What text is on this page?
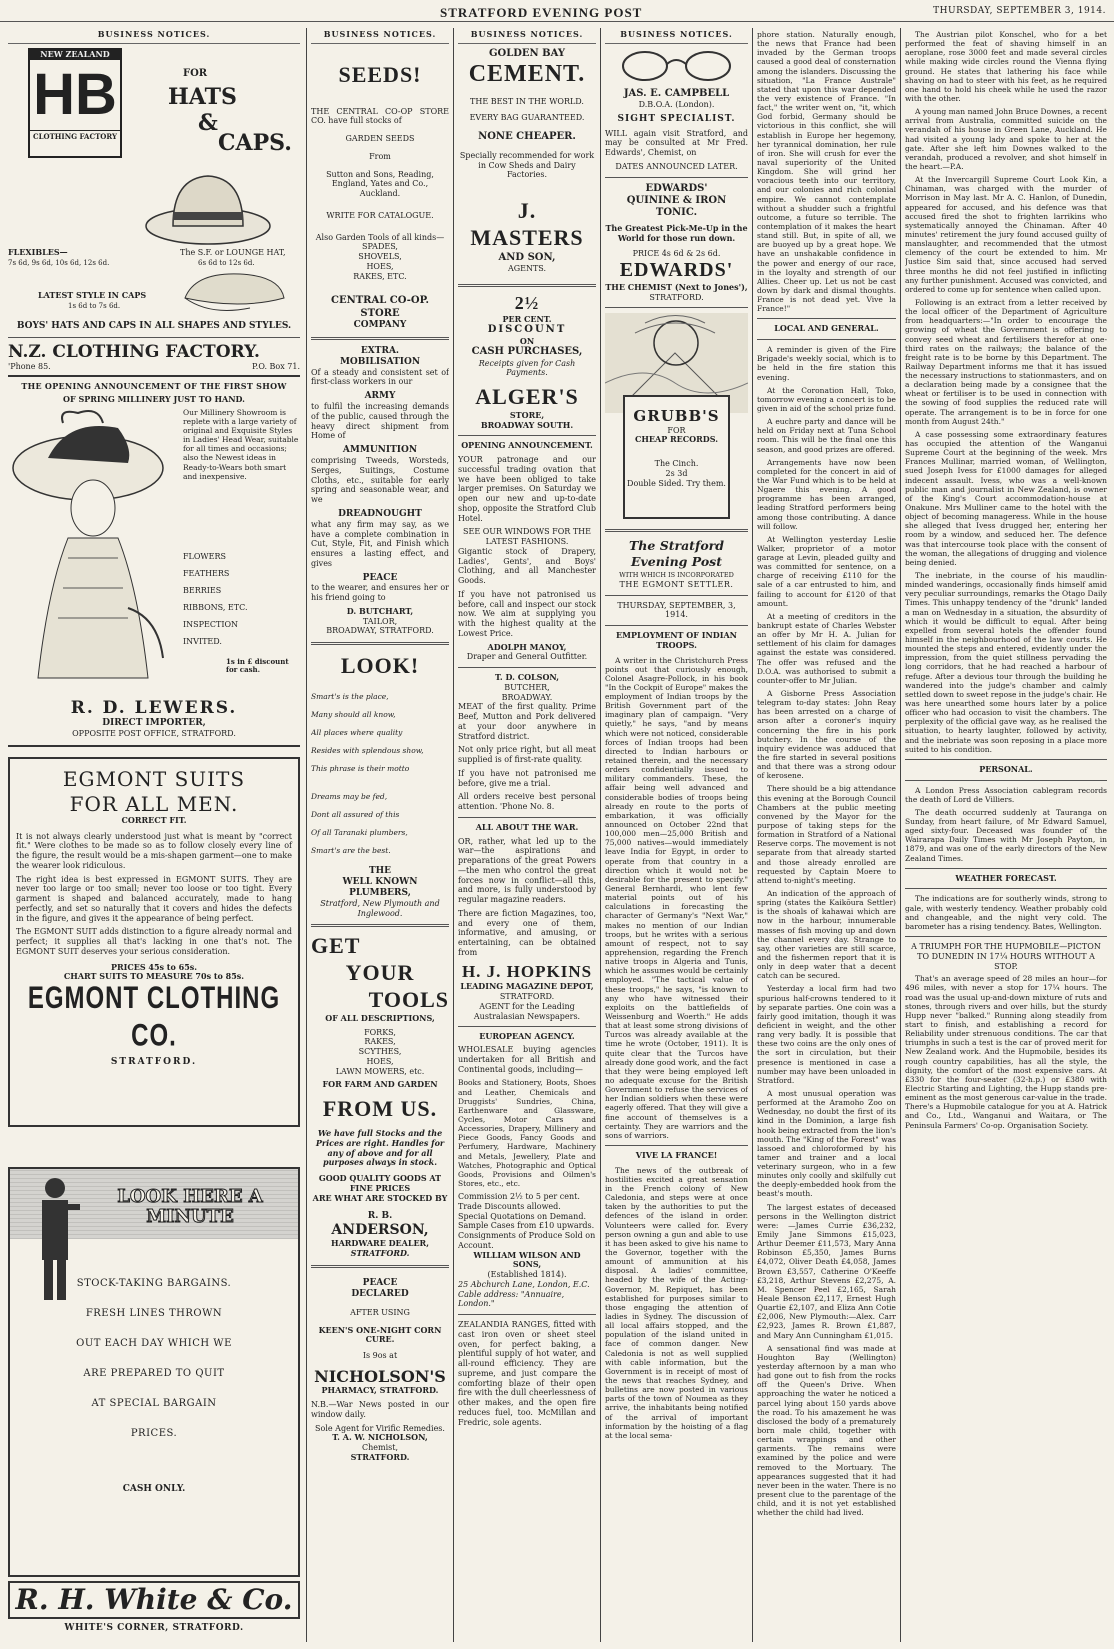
STRATFORD EVENING POST	THURSDAY, SEPTEMBER 3, 1914.
BUSINESS NOTICES.
NEW ZEALAND
HB
CLOTHING FACTORY
FOR
HATS
&
CAPS.
FLEXIBLES—
7s 6d, 9s 6d, 10s 6d, 12s 6d.
The S.F. or LOUNGE HAT,
6s 6d to 12s 6d.
LATEST STYLE IN CAPS
1s 6d to 7s 6d.
BOYS' HATS AND CAPS IN ALL SHAPES AND STYLES.
N.Z. CLOTHING FACTORY.
'Phone 85.	P.O. Box 71.
THE OPENING ANNOUNCEMENT OF THE FIRST SHOW
OF SPRING MILLINERY JUST TO HAND.
Our Millinery Showroom is replete with a large variety of original and Exquisite Styles in Ladies' Head Wear, suitable for all times and occasions; also the Newest ideas in Ready-to-Wears both smart and inexpensive.
FLOWERS
FEATHERS
BERRIES
RIBBONS, ETC.
INSPECTION
INVITED.
1s in £ discount for cash.
R. D. LEWERS.
DIRECT IMPORTER,
OPPOSITE POST OFFICE, STRATFORD.
EGMONT SUITS
FOR ALL MEN.
CORRECT FIT.

It is not always clearly understood just what is meant by "correct fit." Were clothes to be made so as to follow closely every line of the figure, the result would be a mis-shapen garment—one to make the wearer look ridiculous.

The right idea is best expressed in EGMONT SUITS. They are never too large or too small; never too loose or too tight. Every garment is shaped and balanced accurately, made to hang perfectly, and set so naturally that it covers and hides the defects in the figure, and gives it the appearance of being perfect.

The EGMONT SUIT adds distinction to a figure already normal and perfect; it supplies all that's lacking in one that's not. The EGMONT SUIT deserves your serious consideration.

PRICES 45s to 65s.
CHART SUITS TO MEASURE 70s to 85s.
EGMONT CLOTHING CO.
STRATFORD.
LOOK HERE A MINUTE
STOCK-TAKING BARGAINS.
FRESH LINES THROWN
OUT EACH DAY WHICH WE
ARE PREPARED TO QUIT
AT SPECIAL BARGAIN
PRICES.
CASH ONLY.
R. H. White & Co.
WHITE'S CORNER, STRATFORD.
BUSINESS NOTICES.
SEEDS!

THE CENTRAL CO-OP STORE CO. have full stocks of

GARDEN SEEDS
From
Sutton and Sons, Reading, England, Yates and Co., Auckland.
WRITE FOR CATALOGUE.
Also Garden Tools of all kinds—
SPADES,
SHOVELS,
HOES,
RAKES, ETC.
CENTRAL CO-OP. STORE
COMPANY
EXTRA.
MOBILISATION

Of a steady and consistent set of first-class workers in our

ARMY

to fulfil the increasing demands of the public, caused through the heavy direct shipment from Home of

AMMUNITION

comprising Tweeds, Worsteds, Serges, Suitings, Costume Cloths, etc., suitable for early spring and seasonable wear, and we

DREADNOUGHT

what any firm may say, as we have a complete combination in Cut, Style, Fit, and Finish which ensures a lasting effect, and gives

PEACE

to the wearer, and ensures her or his friend going to

D. BUTCHART,
TAILOR,
BROADWAY, STRATFORD.
LOOK!
Smart's is the place,
Many should all know,
All places where quality
Resides with splendous show,
This phrase is their motto
Dreams may be fed,
Dont all assured of this
Of all Taranaki plumbers,
Smart's are the best.
THE
WELL KNOWN PLUMBERS,
Stratford, New Plymouth and Inglewood.
GET
YOUR
TOOLS
OF ALL DESCRIPTIONS,
FORKS,
RAKES,
SCYTHES,
HOES,
LAWN MOWERS, etc.
FOR FARM AND GARDEN
FROM US.
We have full Stocks and the Prices are right. Handles for any of above and for all purposes always in stock.
GOOD QUALITY GOODS AT FINE PRICES
ARE WHAT ARE STOCKED BY
R. B.
ANDERSON,
HARDWARE DEALER,
STRATFORD.
PEACE
DECLARED
AFTER USING
KEEN'S ONE-NIGHT CORN CURE.
Is 9os at
NICHOLSON'S
PHARMACY, STRATFORD.

N.B.—War News posted in our window daily.

Sole Agent for Virific Remedies.
T. A. W. NICHOLSON,
Chemist,
STRATFORD.
BUSINESS NOTICES.
GOLDEN BAY
CEMENT.
THE BEST IN THE WORLD.
EVERY BAG GUARANTEED.
NONE CHEAPER.
Specially recommended for work in Cow Sheds and Dairy Factories.
J. MASTERS
AND SON,
AGENTS.
2½
PER CENT.
DISCOUNT
ON
CASH PURCHASES,
Receipts given for Cash Payments.
ALGER'S
STORE,
BROADWAY SOUTH.
OPENING ANNOUNCEMENT.

YOUR patronage and our successful trading ovation that we have been obliged to take larger premises. On Saturday we open our new and up-to-date shop, opposite the Stratford Club Hotel.

SEE OUR WINDOWS FOR THE LATEST FASHIONS.

Gigantic stock of Drapery, Ladies', Gents', and Boys' Clothing, and all Manchester Goods.

If you have not patronised us before, call and inspect our stock now. We aim at supplying you with the highest quality at the Lowest Price.

ADOLPH MANOY,
Draper and General Outfitter.
T. D. COLSON,
BUTCHER,
BROADWAY.

MEAT of the first quality. Prime Beef, Mutton and Pork delivered at your door anywhere in Stratford district.

Not only price right, but all meat supplied is of first-rate quality.

If you have not patronised me before, give me a trial.

All orders receive best personal attention. 'Phone No. 8.

ALL ABOUT THE WAR.

OR, rather, what led up to the war—the aspirations and preparations of the great Powers—the men who control the great forces now in conflict—all this, and more, is fully understood by regular magazine readers.

There are fiction Magazines, too, and every one of them, informative, and amusing, or entertaining, can be obtained from

H. J. HOPKINS
LEADING MAGAZINE DEPOT,
STRATFORD.
AGENT for the Leading Australasian Newspapers.
EUROPEAN AGENCY.

WHOLESALE buying agencies undertaken for all British and Continental goods, including—

Books and Stationery, Boots, Shoes and Leather, Chemicals and Druggists' Sundries, China, Earthenware and Glassware, Cycles, Motor Cars and Accessories, Drapery, Millinery and Piece Goods, Fancy Goods and Perfumery, Hardware, Machinery and Metals, Jewellery, Plate and Watches, Photographic and Optical Goods, Provisions and Oilmen's Stores, etc., etc.

Commission 2½ to 5 per cent.
Trade Discounts allowed.
Special Quotations on Demand.
Sample Cases from £10 upwards.
Consignments of Produce Sold on Account.
WILLIAM WILSON AND SONS,
(Established 1814).
25 Abchurch Lane, London, E.C.
Cable address: "Annuaire, London."

ZEALANDIA RANGES, fitted with cast iron oven or sheet steel oven, for perfect baking, a plentiful supply of hot water, and all-round efficiency. They are supreme, and just compare the comforting blaze of their open fire with the dull cheerlessness of other makes, and the open fire reduces fuel, too. McMillan and Fredric, sole agents.

BUSINESS NOTICES.
JAS. E. CAMPBELL
D.B.O.A. (London).
SIGHT SPECIALIST.

WILL again visit Stratford, and may be consulted at Mr Fred. Edwards', Chemist, on

DATES ANNOUNCED LATER.
EDWARDS'
QUININE & IRON
TONIC.
The Greatest Pick-Me-Up in the World for those run down.
PRICE 4s 6d & 2s 6d.
EDWARDS'
THE CHEMIST (Next to Jones'),
STRATFORD.
GRUBB'S
FOR
CHEAP RECORDS.
The Cinch.
2s 3d
Double Sided. Try them.
The Stratford Evening Post
WITH WHICH IS INCORPORATED
THE EGMONT SETTLER.
THURSDAY, SEPTEMBER, 3, 1914.
EMPLOYMENT OF INDIAN TROOPS.

A writer in the Christchurch Press points out that curiously enough, Colonel Asagre-Pollock, in his book "In the Cockpit of Europe" makes the employment of Indian troops by the British Government part of the imaginary plan of campaign. "Very quietly," he says, "and by means which were not noticed, considerable forces of Indian troops had been directed to Indian harbours or retained therein, and the necessary orders confidentially issued to military commanders. These, the affair being well advanced and considerable bodies of troops being already en route to the ports of embarkation, it was officially announced on October 22nd that 100,000 men—25,000 British and 75,000 natives—would immediately leave India for Egypt, in order to operate from that country in a direction which it would not be desirable for the present to specify." General Bernhardi, who lent few material points out of his calculations in forecasting the character of Germany's "Next War," makes no mention of our Indian troops, but he writes with a serious amount of respect, not to say apprehension, regarding the French native troops in Algeria and Tunis, which he assumes would be certainly employed. "The tactical value of these troops," he says, "is known to any who have witnessed their exploits on the battlefields of Weissenburg and Woerth." He adds that at least some strong divisions of Turcos was already available at the time he wrote (October, 1911). It is quite clear that the Turcos have already done good work, and the fact that they were being employed left no adequate excuse for the British Government to refuse the services of her Indian soldiers when these were eagerly offered. That they will give a fine account of themselves is a certainty. They are warriors and the sons of warriors.

VIVE LA FRANCE!

The news of the outbreak of hostilities excited a great sensation in the French colony of New Caledonia, and steps were at once taken by the authorities to put the defences of the island in order. Volunteers were called for. Every person owning a gun and able to use it has been asked to give his name to the Governor, together with the amount of ammunition at his disposal. A ladies' committee, headed by the wife of the Acting-Governor, M. Repiquet, has been established for purposes similar to those engaging the attention of ladies in Sydney. The discussion of all local affairs stopped, and the population of the island united in face of common danger. New Caledonia is not as well supplied with cable information, but the Government is in receipt of most of the news that reaches Sydney, and bulletins are now posted in various parts of the town of Noumea as they arrive, the inhabitants being notified of the arrival of important information by the hoisting of a flag at the local sema-

phore station. Naturally enough, the news that France had been invaded by the German troops caused a good deal of consternation among the islanders. Discussing the situation, "La France Australe" stated that upon this war depended the very existence of France. "In fact," the writer went on, "it, which God forbid, Germany should be victorious in this conflict, she will establish in Europe her hegemony, her tyrannical domination, her rule of iron. She will crush for ever the naval superiority of the United Kingdom. She will grind her voracious teeth into our territory, and our colonies and rich colonial empire. We cannot contemplate without a shudder such a frightful outcome, a future so terrible. The contemplation of it makes the heart stand still. But, in spite of all, we are buoyed up by a great hope. We have an unshakable confidence in the power and energy of our race, in the loyalty and strength of our Allies. Cheer up. Let us not be cast down by dark and dismal thoughts. France is not dead yet. Vive la France!"

LOCAL AND GENERAL.

A reminder is given of the Fire Brigade's weekly social, which is to be held in the fire station this evening.

At the Coronation Hall, Toko, tomorrow evening a concert is to be given in aid of the school prize fund.

A euchre party and dance will be held on Friday next at Tuna School room. This will be the final one this season, and good prizes are offered.

Arrangements have now been completed for the concert in aid of the War Fund which is to be held at Ngaere this evening. A good programme has been arranged, leading Stratford performers being among those contributing. A dance will follow.

At Wellington yesterday Leslie Walker, proprietor of a motor garage at Levin, pleaded guilty and was committed for sentence, on a charge of receiving £110 for the sale of a car entrusted to him, and failing to account for £120 of that amount.

At a meeting of creditors in the bankrupt estate of Charles Webster an offer by Mr H. A. Julian for settlement of his claim for damages against the estate was considered. The offer was refused and the D.O.A. was authorised to submit a counter-offer to Mr Julian.

A Gisborne Press Association telegram to-day states: John Reay has been arrested on a charge of arson after a coroner's inquiry concerning the fire in his pork butchery. In the course of the inquiry evidence was adduced that the fire started in several positions and that there was a strong odour of kerosene.

There should be a big attendance this evening at the Borough Council Chambers at the public meeting convened by the Mayor for the purpose of taking steps for the formation in Stratford of a National Reserve corps. The movement is not separate from that already started and those already enrolled are requested by Captain Moere to attend to-night's meeting.

An indication of the approach of spring (states the Kaikōura Settler) is the shoals of kahawai which are now in the harbour, innumerable masses of fish moving up and down the channel every day. Strange to say, other varieties are still scarce, and the fishermen report that it is only in deep water that a decent catch can be secured.

Yesterday a local firm had two spurious half-crowns tendered to it by separate parties. One coin was a fairly good imitation, though it was deficient in weight, and the other rang very badly. It is possible that these two coins are the only ones of the sort in circulation, but their presence is mentioned in case a number may have been unloaded in Stratford.

A most unusual operation was performed at the Aramoho Zoo on Wednesday, no doubt the first of its kind in the Dominion, a large fish hook being extracted from the lion's mouth. The "King of the Forest" was lassoed and chloroformed by his tamer and trainer and a local veterinary surgeon, who in a few minutes only coolly and skilfully cut the deeply-embedded hook from the beast's mouth.

The largest estates of deceased persons in the Wellington district were: —James Currie £36,232, Emily Jane Simmons £15,023, Arthur Deemer £11,573, Mary Anna Robinson £5,350, James Burns £4,072, Oliver Death £4,058, James Brown £3,557, Catherine O'Keeffe £3,218, Arthur Stevens £2,275, A. M. Spencer Peel £2,165, Sarah Heale Benson £2,117, Ernest Hugh Quartie £2,107, and Eliza Ann Cotie £2,006, New Plymouth:—Alex. Carr £2,923, James R. Brown £1,887, and Mary Ann Cunningham £1,015.

A sensational find was made at Houghton Bay (Wellington) yesterday afternoon by a man who had gone out to fish from the rocks off the Queen's Drive. When approaching the water he noticed a parcel lying about 150 yards above the road. To his amazement he was disclosed the body of a prematurely born male child, together with certain wrappings and other garments. The remains were examined by the police and were removed to the Mortuary. The appearances suggested that it had never been in the water. There is no present clue to the parentage of the child, and it is not yet established whether the child had lived.

The Austrian pilot Konschel, who for a bet performed the feat of shaving himself in an aeroplane, rose 3000 feet and made several circles while making wide circles round the Vienna flying ground. He states that lathering his face while shaving on had to steer with his feet, as he required one hand to hold his cheek while he used the razor with the other.

A young man named John Bruce Downes, a recent arrival from Australia, committed suicide on the verandah of his house in Green Lane, Auckland. He had visited a young lady and spoke to her at the gate. After she left him Downes walked to the verandah, produced a revolver, and shot himself in the heart.—P.A.

At the Invercargill Supreme Court Look Kin, a Chinaman, was charged with the murder of Morrison in May last. Mr A. C. Hanlon, of Dunedin, appeared for accused, and his defence was that accused fired the shot to frighten larrikins who systematically annoyed the Chinaman. After 40 minutes' retirement the jury found accused guilty of manslaughter, and recommended that the utmost clemency of the court be extended to him. Mr Justice Sim said that, since accused had served three months he did not feel justified in inflicting any further punishment. Accused was convicted, and ordered to come up for sentence when called upon.

Following is an extract from a letter received by the local officer of the Department of Agriculture from headquarters:—"In order to encourage the growing of wheat the Government is offering to convey seed wheat and fertilisers therefor at one-third rates on the railways; the balance of the freight rate is to be borne by this Department. The Railway Department informs me that it has issued the necessary instructions to stationmasters, and on a declaration being made by a consignee that the wheat or fertiliser is to be used in connection with the sowing of food supplies the reduced rate will operate. The arrangement is to be in force for one month from August 24th."

A case possessing some extraordinary features has occupied the attention of the Wanganui Supreme Court at the beginning of the week. Mrs Frances Mullinar, married woman, of Wellington, sued Joseph Ivess for £1000 damages for alleged indecent assault. Ivess, who was a well-known public man and journalist in New Zealand, is owner of the King's Court accommodation-house at Onakune. Mrs Mulliner came to the hotel with the object of becoming manageress. While in the house she alleged that Ivess drugged her, entering her room by a window, and seduced her. The defence was that intercourse took place with the consent of the woman, the allegations of drugging and violence being denied.

The inebriate, in the course of his maudlin-minded wanderings, occasionally finds himself amid very peculiar surroundings, remarks the Otago Daily Times. This unhappy tendency of the "drunk" landed a man on Wednesday in a situation, the absurdity of which it would be difficult to equal. After being expelled from several hotels the offender found himself in the neighbourhood of the law courts. He mounted the steps and entered, evidently under the impression, from the quiet stillness pervading the long corridors, that he had reached a harbour of refuge. After a devious tour through the building he wandered into the judge's chamber and calmly settled down to sweet repose in the judge's chair. He was here unearthed some hours later by a police officer who had occasion to visit the chambers. The perplexity of the official gave way, as he realised the situation, to hearty laughter, followed by activity, and the inebriate was soon reposing in a place more suited to his condition.

PERSONAL.

A London Press Association cablegram records the death of Lord de Villiers.

The death occurred suddenly at Tauranga on Sunday, from heart failure, of Mr Edward Samuel, aged sixty-four. Deceased was founder of the Wairarapa Daily Times with Mr Joseph Payton, in 1879, and was one of the early directors of the New Zealand Times.

WEATHER FORECAST.

The indications are for southerly winds, strong to gale, with westerly tendency. Weather probably cold and changeable, and the night very cold. The barometer has a rising tendency. Bates, Wellington.

A TRIUMPH FOR THE HUPMOBILE—PICTON TO DUNEDIN IN 17¼ HOURS WITHOUT A STOP.

That's an average speed of 28 miles an hour—for 496 miles, with never a stop for 17¼ hours. The road was the usual up-and-down mixture of ruts and stones, through rivers and over hills, but the sturdy Hupp never "balked." Running along steadily from start to finish, and establishing a record for Reliability under strenuous conditions. The car that triumphs in such a test is the car of proved merit for New Zealand work. And the Hupmobile, besides its rough country capabilities, has all the style, the dignity, the comfort of the most expensive cars. At £330 for the four-seater (32-h.p.) or £380 with Electric Starting and Lighting, the Hupp stands pre-eminent as the most generous car-value in the trade. There's a Hupmobile catalogue for you at A. Hatrick and Co., Ltd., Wanganui and Waitara, or The Peninsula Farmers' Co-op. Organisation Society.
